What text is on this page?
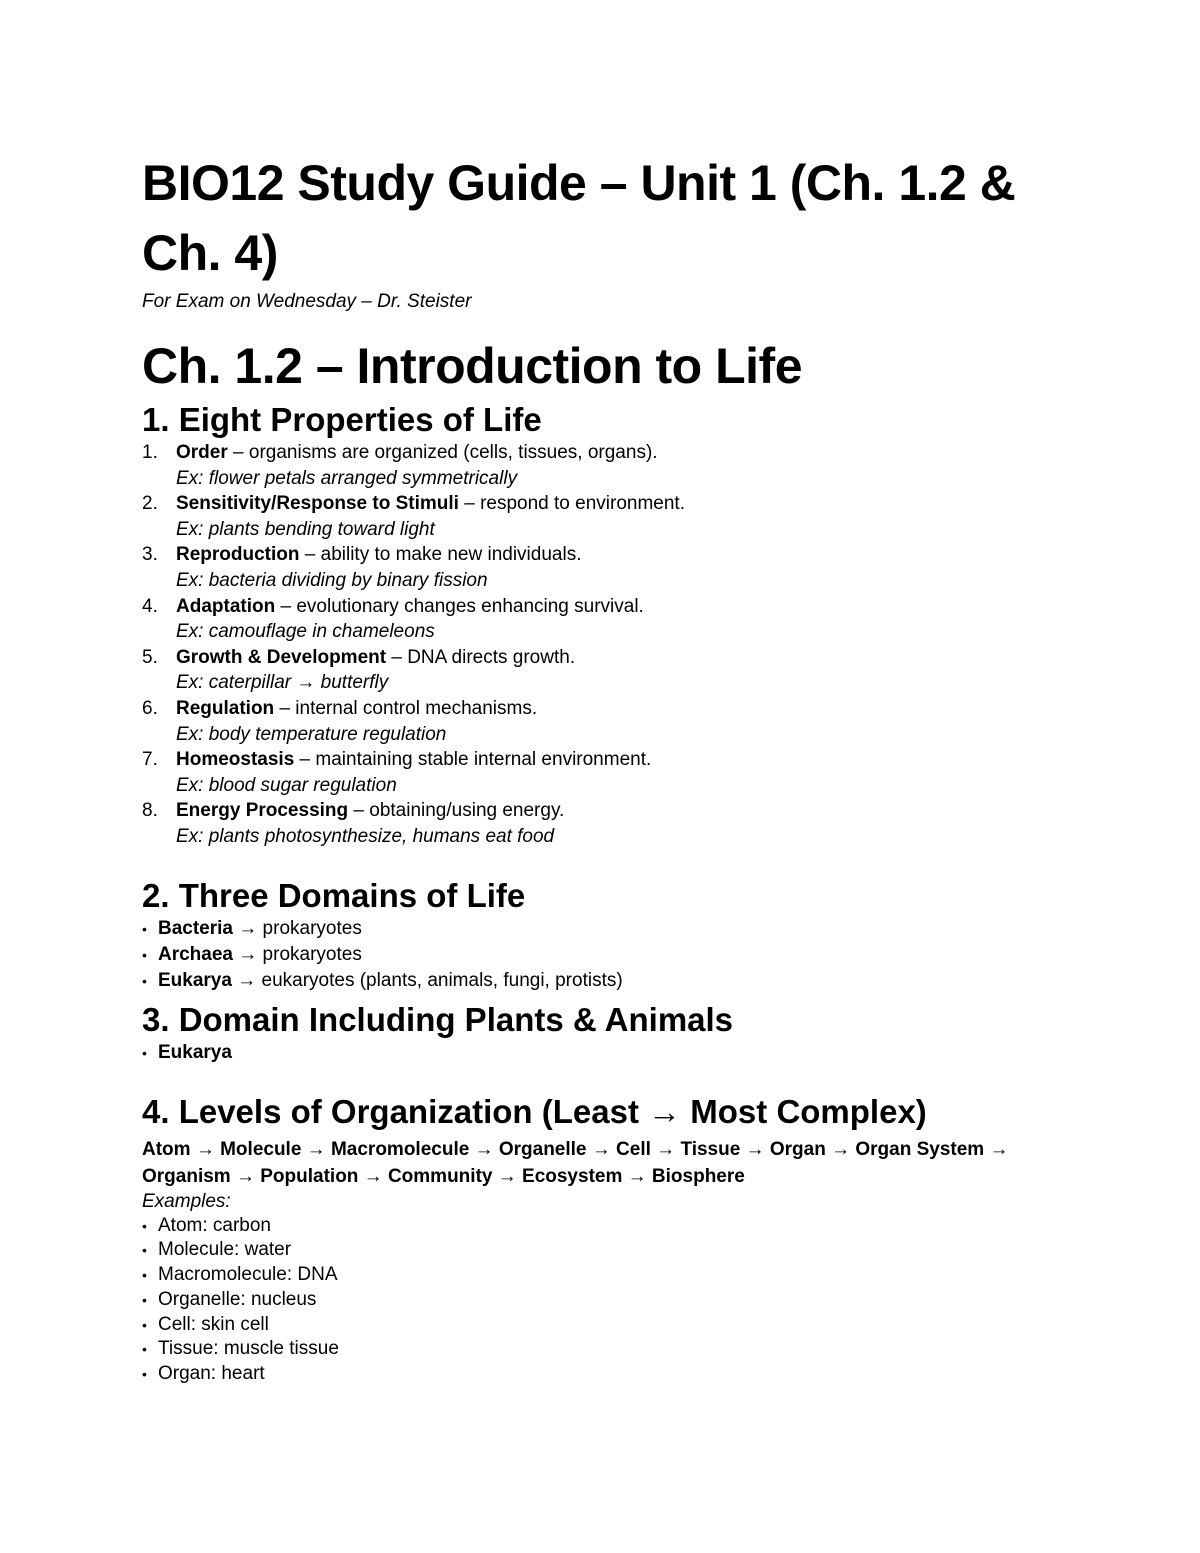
BIO12 Study Guide – Unit 1 (Ch. 1.2 & Ch. 4)

For Exam on Wednesday – Dr. Steister

Ch. 1.2 – Introduction to Life
1. Eight Properties of Life
1. Order – organisms are organized (cells, tissues, organs).
Ex: flower petals arranged symmetrically
2. Sensitivity/Response to Stimuli – respond to environment.
Ex: plants bending toward light
3. Reproduction – ability to make new individuals.
Ex: bacteria dividing by binary fission
4. Adaptation – evolutionary changes enhancing survival.
Ex: camouflage in chameleons
5. Growth & Development – DNA directs growth.
Ex: caterpillar → butterfly
6. Regulation – internal control mechanisms.
Ex: body temperature regulation
7. Homeostasis – maintaining stable internal environment.
Ex: blood sugar regulation
8. Energy Processing – obtaining/using energy.
Ex: plants photosynthesize, humans eat food
2. Three Domains of Life
• Bacteria → prokaryotes
• Archaea → prokaryotes
• Eukarya → eukaryotes (plants, animals, fungi, protists)
3. Domain Including Plants & Animals
• Eukarya
4. Levels of Organization (Least → Most Complex)

Atom → Molecule → Macromolecule → Organelle → Cell → Tissue → Organ → Organ System → Organism → Population → Community → Ecosystem → Biosphere

Examples:

• Atom: carbon
• Molecule: water
• Macromolecule: DNA
• Organelle: nucleus
• Cell: skin cell
• Tissue: muscle tissue
• Organ: heart
